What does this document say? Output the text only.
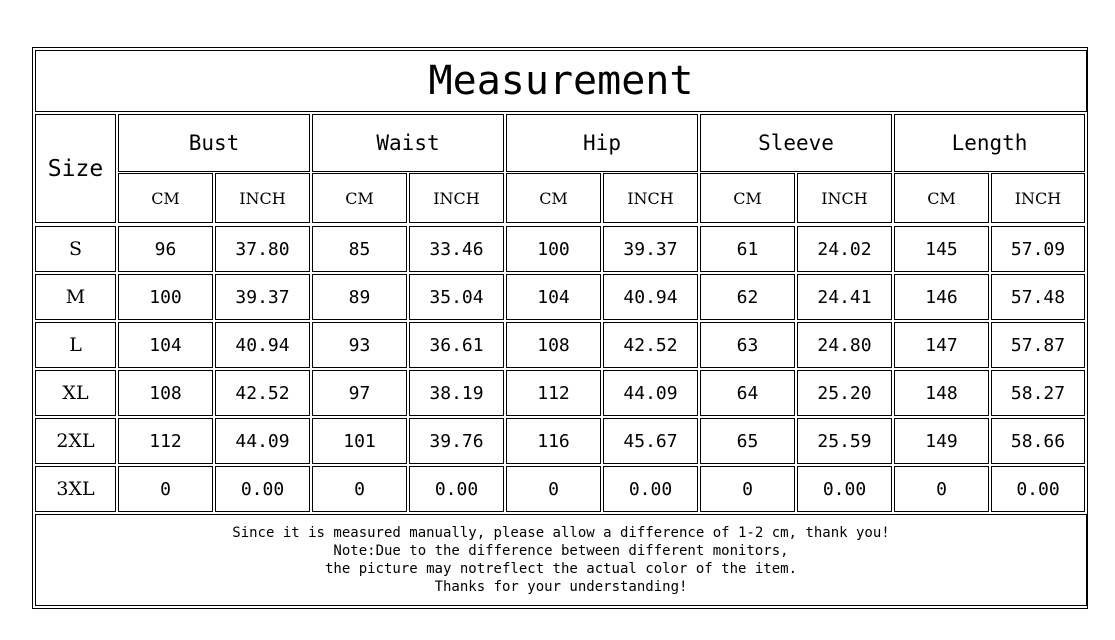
Measurement
Size
Bust
CM	INCH
Waist
CM	INCH
Hip
CM	INCH
Sleeve
CM	INCH
Length
CM	INCH
S	96	37.80	85	33.46	100	39.37	61	24.02	145	57.09
M	100	39.37	89	35.04	104	40.94	62	24.41	146	57.48
L	104	40.94	93	36.61	108	42.52	63	24.80	147	57.87
XL	108	42.52	97	38.19	112	44.09	64	25.20	148	58.27
2XL	112	44.09	101	39.76	116	45.67	65	25.59	149	58.66
3XL	0	0.00	0	0.00	0	0.00	0	0.00	0	0.00
Since it is measured manually, please allow a difference of 1-2 cm, thank you!
Note:Due to the difference between different monitors,
the picture may notreflect the actual color of the item.
Thanks for your understanding!
